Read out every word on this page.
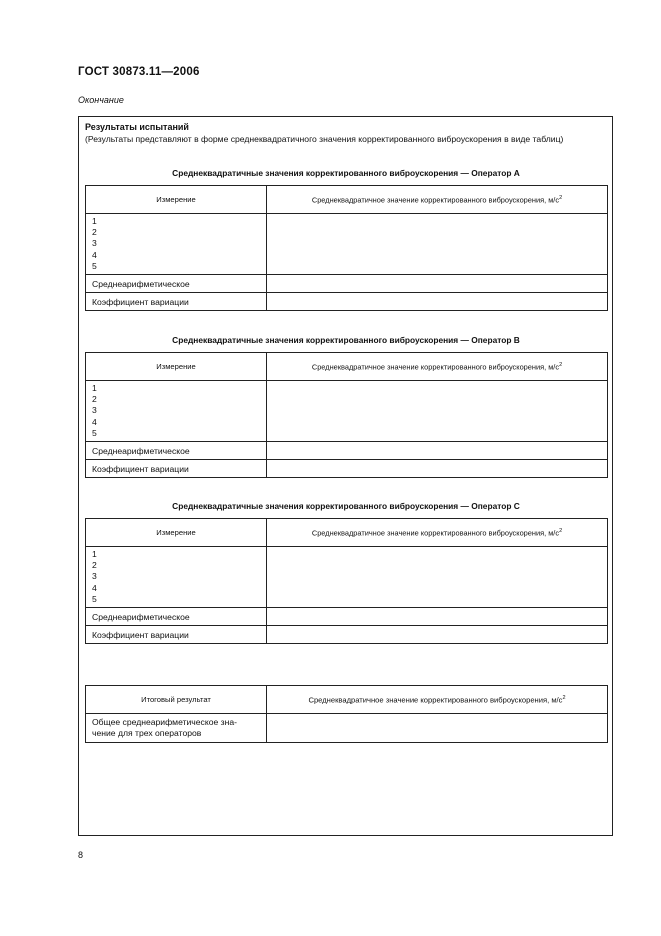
ГОСТ 30873.11—2006
Окончание
Результаты испытаний
(Результаты представляют в форме среднеквадратичного значения корректированного виброускорения в виде таблиц)
Среднеквадратичные значения корректированного виброускорения — Оператор А
Измерение	Среднеквадратичное значение корректированного виброускорения, $м/с^2$

1
2
3
4
5	

Среднеарифметическое	
Коэффициент вариации	
Среднеквадратичные значения корректированного виброускорения — Оператор В
Измерение	Среднеквадратичное значение корректированного виброускорения, $м/с^2$

1
2
3
4
5	

Среднеарифметическое	
Коэффициент вариации	
Среднеквадратичные значения корректированного виброускорения — Оператор С
Измерение	Среднеквадратичное значение корректированного виброускорения, $м/с^2$

1
2
3
4
5	

Среднеарифметическое	
Коэффициент вариации	
Итоговый результат	Среднеквадратичное значение корректированного виброускорения, $м/с^2$

Общее среднеарифметическое зна-
чение для трех операторов	

8
